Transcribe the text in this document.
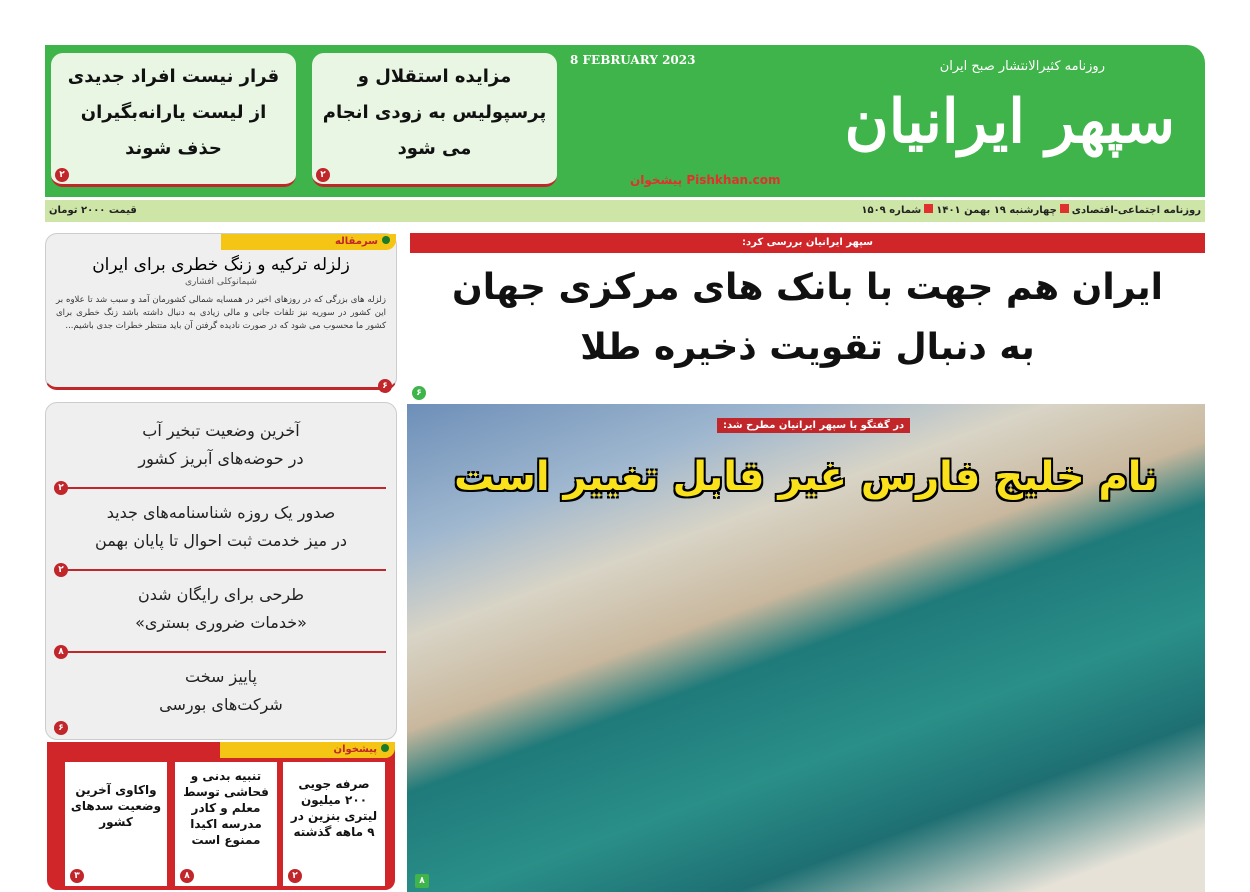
سپهر ایرانیان
روزنامه کثیرالانتشار صبح ایران
8 FEBRUARY 2023
پیشخوان Pishkhan.com
مزایده استقلال و پرسپولیس به زودی انجام می شود
۲
قرار نیست افراد جدیدی از لیست یارانه‌بگیران حذف شوند
۲
روزنامه اجتماعی-اقتصادیچهارشنبه ۱۹ بهمن ۱۴۰۱شماره ۱۵۰۹
قیمت ۲۰۰۰ تومان
سرمقاله
زلزله ترکیه و زنگ خطری برای ایران
شیمانوکلی افشاری
زلزله های بزرگی که در روزهای اخیر در همسایه شمالی کشورمان آمد و سبب شد تا علاوه بر این کشور در سوریه نیز تلفات جانی و مالی زیادی به دنبال داشته باشد زنگ خطری برای کشور ما محسوب می شود که در صورت نادیده گرفتن آن باید منتظر خطرات جدی باشیم...
۶
آخرین وضعیت تبخیر آب
در حوضه‌های آبریز کشور
۲
صدور یک روزه شناسنامه‌های جدید
در میز خدمت ثبت احوال تا پایان بهمن
۲
طرحی برای رایگان شدن
«خدمات ضروری بستری»
۸
پاییز سخت
شرکت‌های بورسی
۶
پیشخوان
صرفه جویی ۲۰۰ میلیون لیتری بنزین در ۹ ماهه گذشته
۲
تنبیه بدنی و فحاشی توسط معلم و کادر مدرسه اکیدا ممنوع است
۸
واکاوی آخرین وضعیت سدهای کشور
۳
سپهر ایرانیان بررسی کرد:
ایران هم جهت با بانک های مرکزی جهان
به دنبال تقویت ذخیره طلا
۶
در گفتگو با سپهر ایرانیان مطرح شد:
نام خلیج فارس غیر قابل تغییر است
۸
